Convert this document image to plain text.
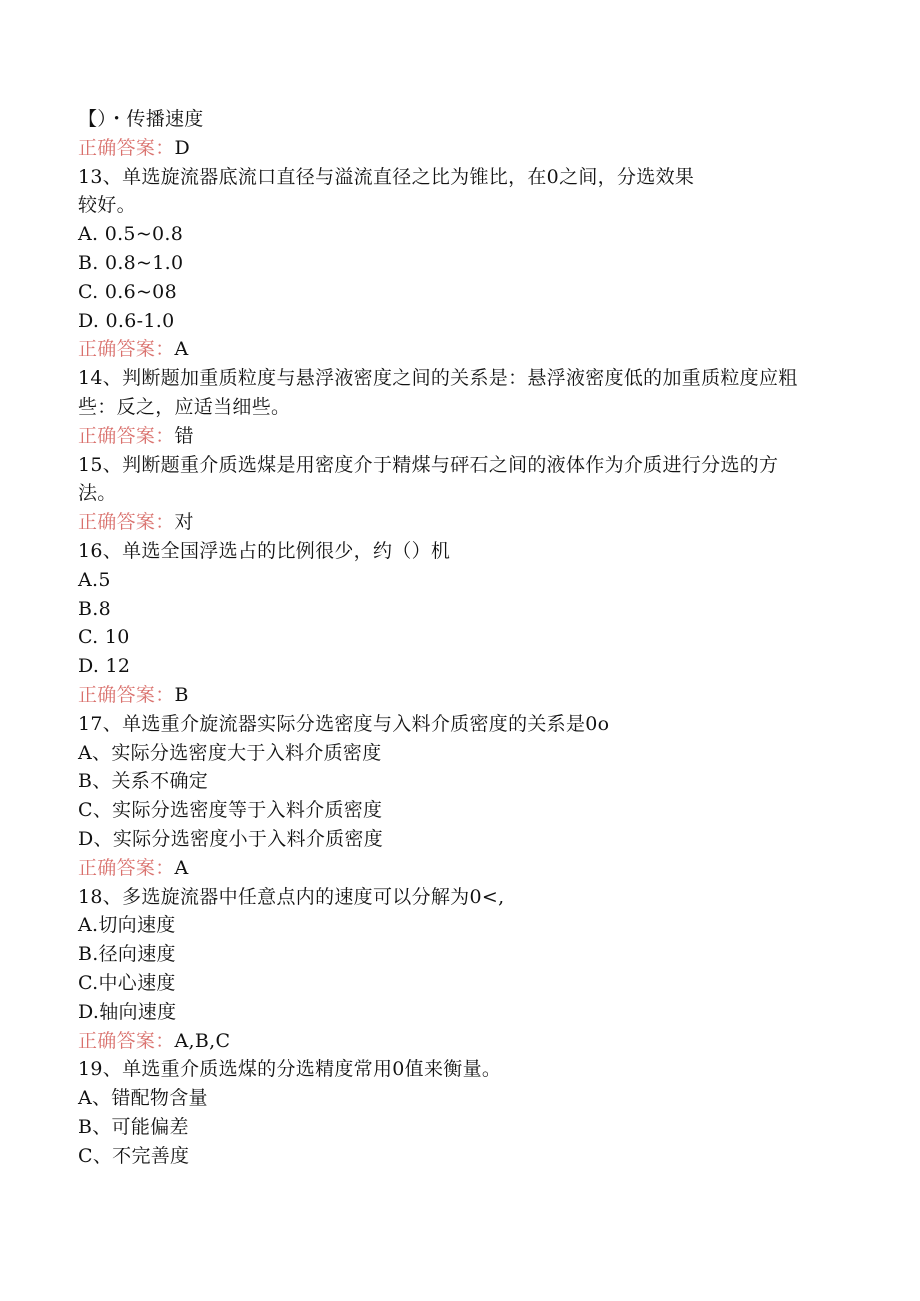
【）・传播速度
正确答案：D
13、单选旋流器底流口直径与溢流直径之比为锥比，在0之间，分选效果
较好。
A. 0.5~0.8
B. 0.8~1.0
C. 0.6~08
D. 0.6-1.0
正确答案：A
14、判断题加重质粒度与悬浮液密度之间的关系是：悬浮液密度低的加重质粒度应粗
些：反之，应适当细些。
正确答案：错
15、判断题重介质选煤是用密度介于精煤与砰石之间的液体作为介质进行分选的方
法。
正确答案：对
16、单选全国浮选占的比例很少，约（）机
A.5
B.8
C. 10
D. 12
正确答案：B
17、单选重介旋流器实际分选密度与入料介质密度的关系是0o
A、实际分选密度大于入料介质密度
B、关系不确定
C、实际分选密度等于入料介质密度
D、实际分选密度小于入料介质密度
正确答案：A
18、多选旋流器中任意点内的速度可以分解为0<,
A.切向速度
B.径向速度
C.中心速度
D.轴向速度
正确答案：A,B,C
19、单选重介质选煤的分选精度常用0值来衡量。
A、错配物含量
B、可能偏差
C、不完善度
